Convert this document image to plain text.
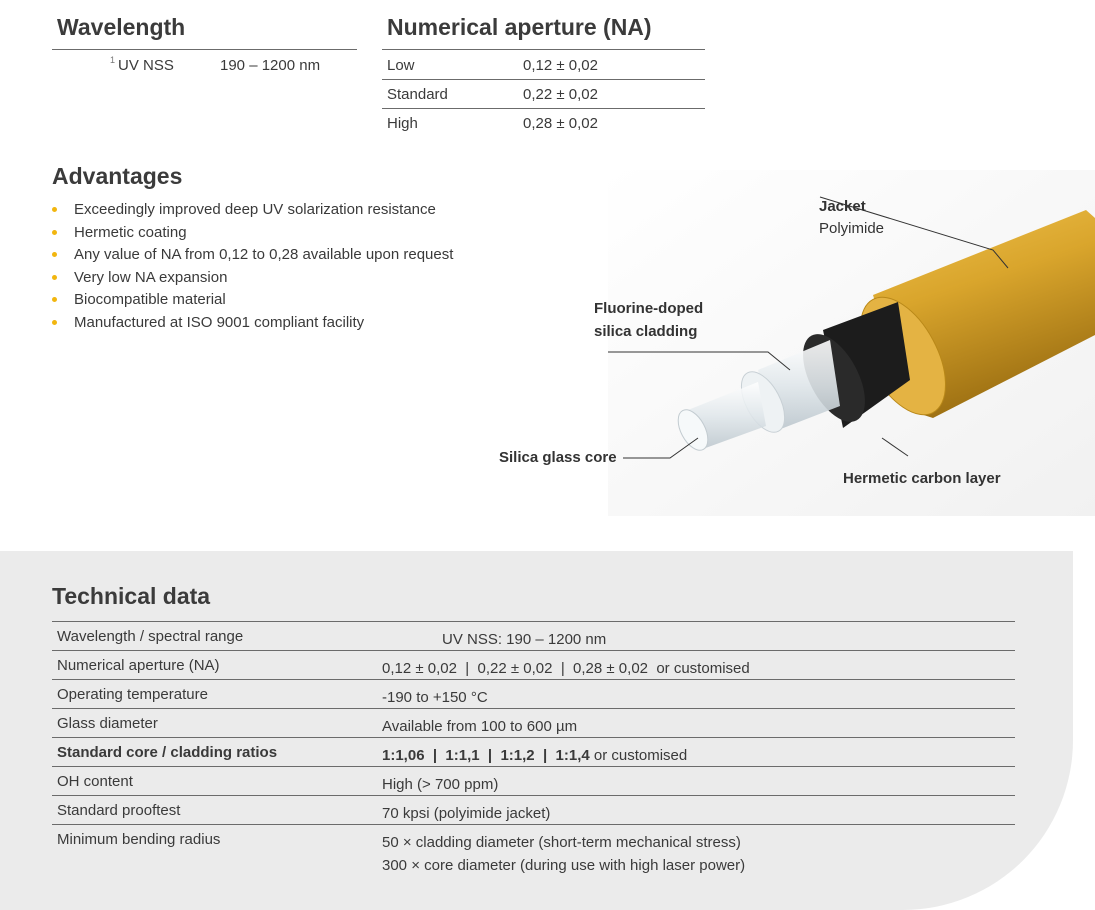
Wavelength
1 UV NSS	190 – 1200 nm
Numerical aperture (NA)
Low	0,12 ± 0,02
Standard	0,22 ± 0,02
High	0,28 ± 0,02
Advantages
Exceedingly improved deep UV solarization resistance
Hermetic coating
Any value of NA from 0,12 to 0,28 available upon request
Very low NA expansion
Biocompatible material
Manufactured at ISO 9001 compliant facility
Jacket
Polyimide
Fluorine-doped
silica cladding
Silica glass core
Hermetic carbon layer
Technical data
Wavelength / spectral range	UV NSS: 190 – 1200 nm
Numerical aperture (NA)	0,12 ± 0,02  |  0,22 ± 0,02  |  0,28 ± 0,02  or customised
Operating temperature	-190 to +150 °C
Glass diameter	Available from 100 to 600 µm
Standard core / cladding ratios	1:1,06  |  1:1,1  |  1:1,2  |  1:1,4 or customised
OH content	High (> 700 ppm)
Standard prooftest	70 kpsi (polyimide jacket)
Minimum bending radius	50 × cladding diameter (short-term mechanical stress)
300 × core diameter (during use with high laser power)
